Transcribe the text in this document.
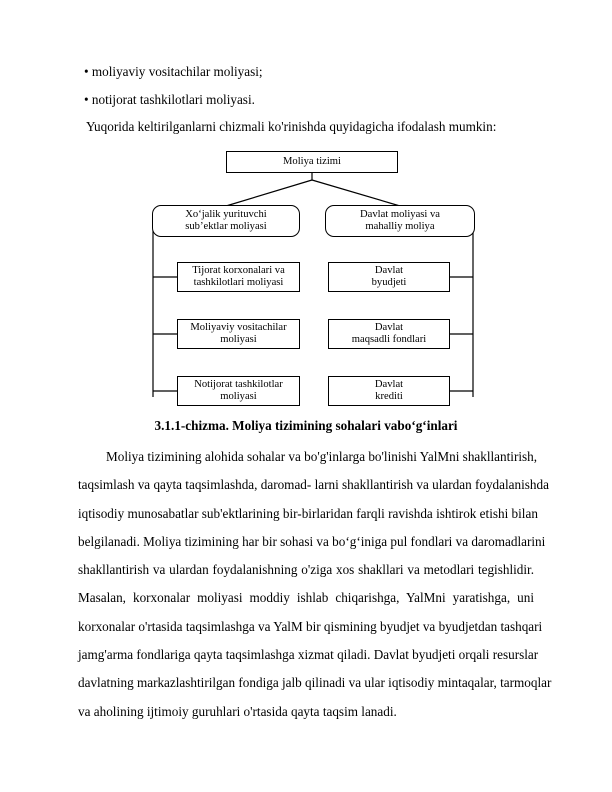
• moliyaviy vositachilar moliyasi;
• notijorat tashkilotlari moliyasi.
Yuqorida keltirilganlarni chizmali ko'rinishda quyidagicha ifodalash mumkin:
Moliya tizimi
Xo‘jalik yurituvchi
sub’ektlar moliyasi
Davlat moliyasi va
mahalliy moliya
Tijorat korxonalari va
tashkilotlari moliyasi
Moliyaviy vositachilar
moliyasi
Notijorat tashkilotlar
moliyasi
Davlat
byudjeti
Davlat
maqsadli fondlari
Davlat
krediti
3.1.1-chizma. Moliya tizimining sohalari vabo‘g‘inlari
Moliya tizimining alohida sohalar va bo'g'inlarga bo'linishi YalMni shakllantirish,
taqsimlash va qayta taqsimlashda, daromad- larni shakllantirish va ulardan foydalanishda
iqtisodiy munosabatlar sub'ektlarining bir-birlaridan farqli ravishda ishtirok etishi bilan
belgilanadi. Moliya tizimining har bir sohasi va bo‘g‘iniga pul fondlari va daromadlarini
shakllantirish va ulardan foydalanishning o'ziga xos shakllari va metodlari tegishlidir.
Masalan, korxonalar moliyasi moddiy ishlab chiqarishga, YalMni yaratishga, uni
korxonalar o'rtasida taqsimlashga va YalM bir qismining byudjet va byudjetdan tashqari
jamg'arma fondlariga qayta taqsimlashga xizmat qiladi. Davlat byudjeti orqali resurslar
davlatning markazlashtirilgan fondiga jalb qilinadi va ular iqtisodiy mintaqalar, tarmoqlar
va aholining ijtimoiy guruhlari o'rtasida qayta taqsim lanadi.
